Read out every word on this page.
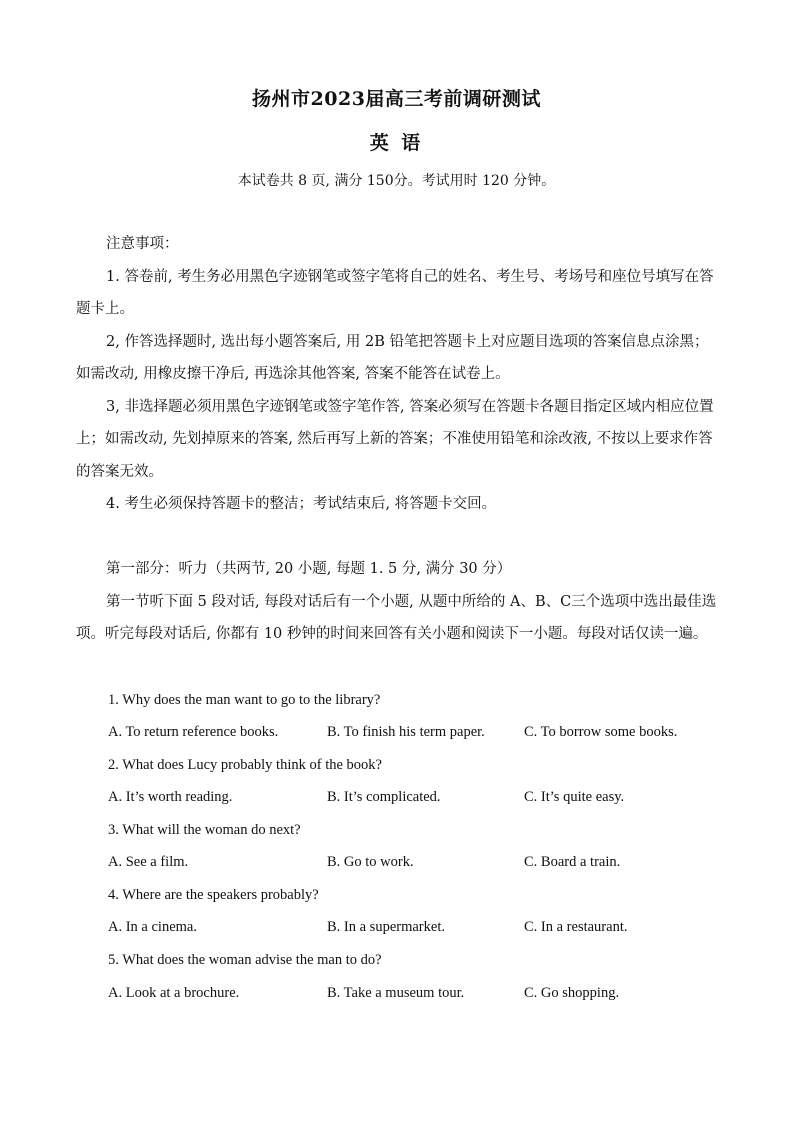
扬州市2023届高三考前调研测试
英 语
本试卷共 8 页, 满分 150分。考试用时 120 分钟。
注意事项：
1. 答卷前, 考生务必用黑色字迹钢笔或签字笔将自己的姓名、考生号、考场号和座位号填写在答题卡上。
2, 作答选择题时, 选出每小题答案后, 用 2B 铅笔把答题卡上对应题目选项的答案信息点涂黑；如需改动, 用橡皮擦干净后, 再选涂其他答案, 答案不能答在试卷上。
3, 非选择题必须用黑色字迹钢笔或签字笔作答, 答案必须写在答题卡各题目指定区域内相应位置上；如需改动, 先划掉原来的答案, 然后再写上新的答案；不准使用铅笔和涂改液, 不按以上要求作答的答案无效。
4. 考生必须保持答题卡的整洁；考试结束后, 将答题卡交回。
第一部分：听力（共两节, 20 小题, 每题 1. 5 分, 满分 30 分）
第一节听下面 5 段对话, 每段对话后有一个小题, 从题中所给的 A、B、C三个选项中选出最佳选项。听完每段对话后, 你都有 10 秒钟的时间来回答有关小题和阅读下一小题。每段对话仅读一遍。
1. Why does the man want to go to the library?
A. To return reference books.	B. To finish his term paper.	C. To borrow some books.
2. What does Lucy probably think of the book?
A. It’s worth reading.	B. It’s complicated.	C. It’s quite easy.
3. What will the woman do next?
A. See a film.	B. Go to work.	C. Board a train.
4. Where are the speakers probably?
A. In a cinema.	B. In a supermarket.	C. In a restaurant.
5. What does the woman advise the man to do?
A. Look at a brochure.	B. Take a museum tour.	C. Go shopping.
